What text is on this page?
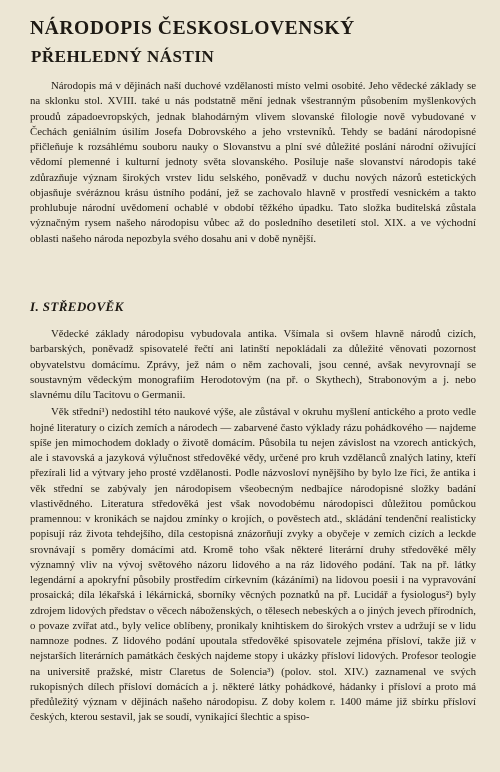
NÁRODOPIS ČESKOSLOVENSKÝ
PŘEHLEDNÝ NÁSTIN

Národopis má v dějinách naší duchové vzdělanosti místo velmi osobité. Jeho vědecké základy se na sklonku stol. XVIII. také u nás podstatně mění jednak všestranným působením myšlenkových proudů západoevropských, jednak blahodárným vlivem slovanské filologie nově vybudované v Čechách geniálním úsilím Josefa Dobrovského a jeho vrstevníků. Tehdy se badání národopisné přičleňuje k rozsáhlému souboru nauky o Slovanstvu a plní své důležité poslání národní oživující vědomí plemenné i kulturní jednoty světa slovanského. Posiluje naše slovanství národopis také zdůrazňuje význam širokých vrstev lidu selského, poněvadž v duchu nových názorů estetických objasňuje svéráznou krásu ústního podání, jež se zachovalo hlavně v prostředí vesnickém a takto prohlubuje národní uvědomení ochablé v období těžkého úpadku. Tato složka buditelská zůstala význačným rysem našeho národopisu vůbec až do posledního desetiletí stol. XIX. a ve východní oblasti našeho národa nepozbyla svého dosahu ani v době nynější.

I. STŘEDOVĚK

Vědecké základy národopisu vybudovala antika. Všímala si ovšem hlavně národů cizích, barbarských, poněvadž spisovatelé řečtí ani latinští nepokládali za důležité věnovati pozornost obyvatelstvu domácímu. Zprávy, jež nám o něm zachovali, jsou cenné, avšak nevyrovnají se soustavným vědeckým monografiím Herodotovým (na př. o Skythech), Strabonovým a j. nebo slavnému dílu Tacitovu o Germanii.

Věk střední¹) nedostihl této naukové výše, ale zůstával v okruhu myšlení antického a proto vedle hojné literatury o cizích zemích a národech — zabarvené často výklady rázu pohádkového — najdeme spíše jen mimochodem doklady o životě domácím. Působila tu nejen závislost na vzorech antických, ale i stavovská a jazyková výlučnost středověké vědy, určené pro kruh vzdělanců znalých latiny, kteří přezírali lid a výtvary jeho prosté vzdělanosti. Podle názvosloví nynějšího by bylo lze říci, že antika i věk střední se zabývaly jen národopisem všeobecným nedbajíce národopisné složky badání vlastivědného. Literatura středověká jest však novodobému národopisci důležitou pomůckou pramennou: v kronikách se najdou zmínky o krojích, o pověstech atd., skládání tendenční realisticky popisují ráz života tehdejšího, díla cestopisná znázorňují zvyky a obyčeje v zemích cizích a leckde srovnávají s poměry domácími atd. Kromě toho však některé literární druhy středověké měly významný vliv na vývoj světového názoru lidového a na ráz lidového podání. Tak na př. látky legendární a apokryfní působily prostředím církevním (kázáními) na lidovou poesii i na vypravování prosaická; díla lékařská i lékárnická, sborníky věcných poznatků na př. Lucidář a fysiologus²) byly zdrojem lidových představ o věcech náboženských, o tělesech nebeských a o jiných jevech přírodních, o povaze zvířat atd., byly velice oblíbeny, pronikaly knihtiskem do širokých vrstev a udržují se v lidu namnoze podnes. Z lidového podání upoutala středověké spisovatele zejména přísloví, takže již v nejstarších literárních památkách českých najdeme stopy i ukázky přísloví lidových. Profesor teologie na universitě pražské, mistr Claretus de Solencia³) (polov. stol. XIV.) zaznamenal ve svých rukopisných dílech přísloví domácích a j. některé látky pohádkové, hádanky i přísloví a proto má předůležitý význam v dějinách našeho národopisu. Z doby kolem r. 1400 máme již sbírku přísloví českých, kterou sestavil, jak se soudí, vynikající šlechtic a spiso-
